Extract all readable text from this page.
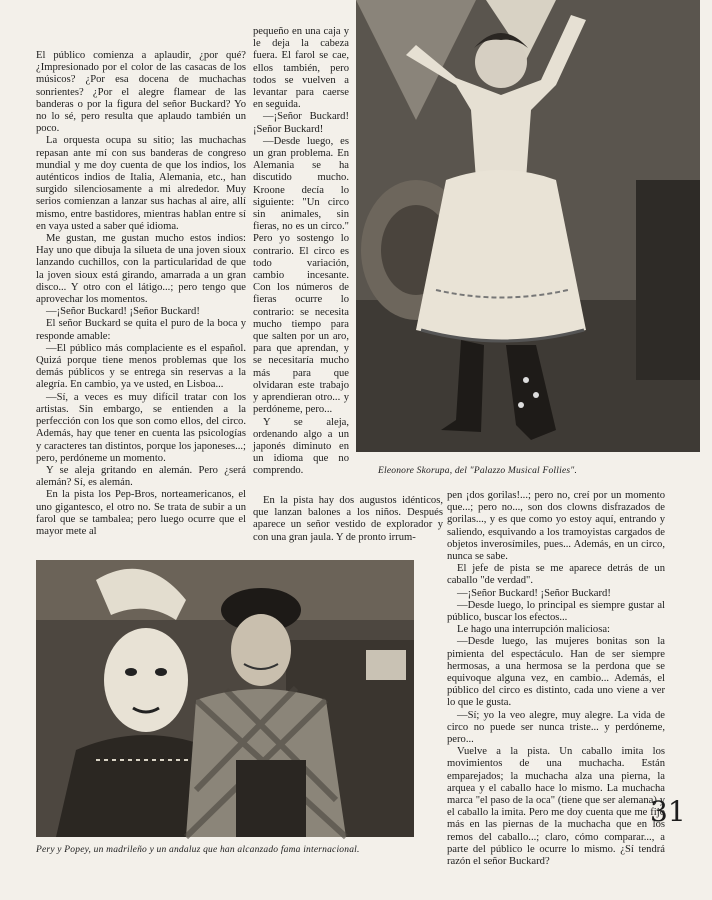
El público comienza a aplaudir, ¿por qué? ¿Impresionado por el color de las casacas de los músicos? ¿Por esa docena de muchachas sonrientes? ¿Por el alegre flamear de las banderas o por la figura del señor Buckard? Yo no lo sé, pero resulta que aplaudo también un poco.

La orquesta ocupa su sitio; las muchachas repasan ante mí con sus banderas de congreso mundial y me doy cuenta de que los indios, los auténticos indios de Italia, Alemania, etc., han surgido silenciosamente a mi alrededor. Muy serios comienzan a lanzar sus hachas al aire, allí mismo, entre bastidores, mientras hablan entre sí en vaya usted a saber qué idioma.

Me gustan, me gustan mucho estos indios: Hay uno que dibuja la silueta de una joven sioux lanzando cuchillos, con la particularidad de que la joven sioux está girando, amarrada a un gran disco... Y otro con el látigo...; pero tengo que aprovechar los momentos.

—¡Señor Buckard! ¡Señor Buckard!

El señor Buckard se quita el puro de la boca y responde amable:

—El público más complaciente es el español. Quizá porque tiene menos problemas que los demás públicos y se entrega sin reservas a la alegría. En cambio, ya ve usted, en Lisboa...

—Sí, a veces es muy difícil tratar con los artistas. Sin embargo, se entienden a la perfección con los que son como ellos, del circo. Además, hay que tener en cuenta las psicologías y caracteres tan distintos, porque los japoneses...; pero, perdóneme un momento.

Y se aleja gritando en alemán. Pero ¿será alemán? Sí, es alemán.

En la pista los Pep-Bros, norteamericanos, el uno gigantesco, el otro no. Se trata de subir a un farol que se tambalea; pero luego ocurre que el mayor mete al

pequeño en una caja y le deja la cabeza fuera. El farol se cae, ellos también, pero todos se vuelven a levantar para caerse en seguida.

—¡Señor Buckard! ¡Señor Buckard!

—Desde luego, es un gran problema. En Alemania se ha discutido mucho. Kroone decía lo siguiente: "Un circo sin animales, sin fieras, no es un circo." Pero yo sostengo lo contrario. El circo es todo variación, cambio incesante. Con los números de fieras ocurre lo contrario: se necesita mucho tiempo para que salten por un aro, para que aprendan, y se necesitaría mucho más para que olvidaran este trabajo y aprendieran otro... y perdóneme, pero...

Y se aleja, ordenando algo a un japonés diminuto en un idioma que no comprendo.

En la pista hay dos augustos idénticos, que lanzan balones a los niños. Después aparece un señor vestido de explorador y con una gran jaula. Y de pronto irrum-

pen ¡dos gorilas!...; pero no, creí por un momento que...; pero no..., son dos clowns disfrazados de gorilas..., y es que como yo estoy aquí, entrando y saliendo, esquivando a los tramoyistas cargados de objetos inverosímiles, pues... Además, en un circo, nunca se sabe.

El jefe de pista se me aparece detrás de un caballo "de verdad".

—¡Señor Buckard! ¡Señor Buckard!

—Desde luego, lo principal es siempre gustar al público, buscar los efectos...

Le hago una interrupción maliciosa:

—Desde luego, las mujeres bonitas son la pimienta del espectáculo. Han de ser siempre hermosas, a una hermosa se la perdona que se equivoque alguna vez, en cambio... Además, el público del circo es distinto, cada uno viene a ver lo que le gusta.

—Sí; yo la veo alegre, muy alegre. La vida de circo no puede ser nunca triste... y perdóneme, pero...

Vuelve a la pista. Un caballo imita los movimientos de una muchacha. Están emparejados; la muchacha alza una pierna, la arquea y el caballo hace lo mismo. La muchacha marca "el paso de la oca" (tiene que ser alemana) y el caballo la imita. Pero me doy cuenta que me fijo más en las piernas de la muchacha que en los remos del caballo...; claro, cómo comparar..., a parte del público le ocurre lo mismo. ¿Sí tendrá razón el señor Buckard?

Eleonore Skorupa, del "Palazzo Musical Follies".
Pery y Popey, un madrileño y un andaluz que han alcanzado fama internacional.
31
